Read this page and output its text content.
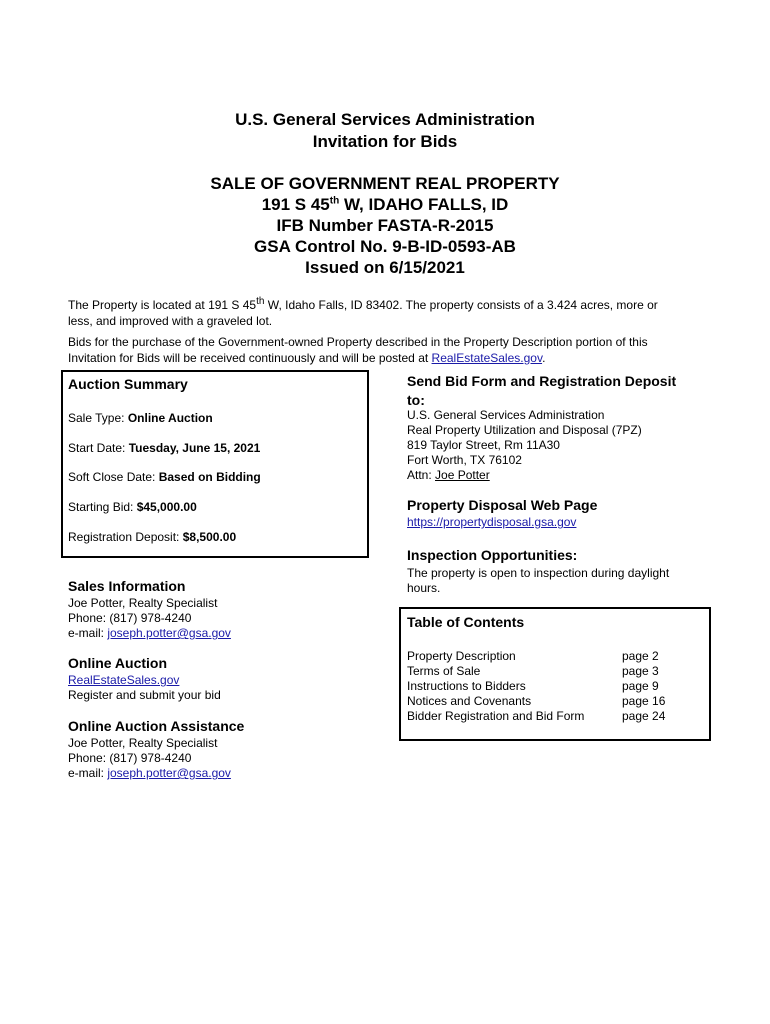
U.S. General Services Administration
Invitation for Bids
SALE OF GOVERNMENT REAL PROPERTY
191 S 45th W, IDAHO FALLS, ID
IFB Number FASTA-R-2015
GSA Control No. 9-B-ID-0593-AB
Issued on 6/15/2021
The Property is located at 191 S 45th W, Idaho Falls, ID 83402. The property consists of a 3.424 acres, more or
less, and improved with a graveled lot.
Bids for the purchase of the Government-owned Property described in the Property Description portion of this
Invitation for Bids will be received continuously and will be posted at RealEstateSales.gov.
Auction Summary
Sale Type: Online Auction
Start Date: Tuesday, June 15, 2021
Soft Close Date: Based on Bidding
Starting Bid: $45,000.00
Registration Deposit: $8,500.00
Sales Information
Joe Potter, Realty Specialist
Phone: (817) 978-4240
e-mail: joseph.potter@gsa.gov
Online Auction
RealEstateSales.gov
Register and submit your bid
Online Auction Assistance
Joe Potter, Realty Specialist
Phone: (817) 978-4240
e-mail: joseph.potter@gsa.gov
Send Bid Form and Registration Deposit
to:
U.S. General Services Administration
Real Property Utilization and Disposal (7PZ)
819 Taylor Street, Rm 11A30
Fort Worth, TX 76102
Attn: Joe Potter
Property Disposal Web Page
https://propertydisposal.gsa.gov
Inspection Opportunities:
The property is open to inspection during daylight
hours.
Table of Contents
Property Description	page 2
Terms of Sale	page 3
Instructions to Bidders	page 9
Notices and Covenants	page 16
Bidder Registration and Bid Form	page 24
